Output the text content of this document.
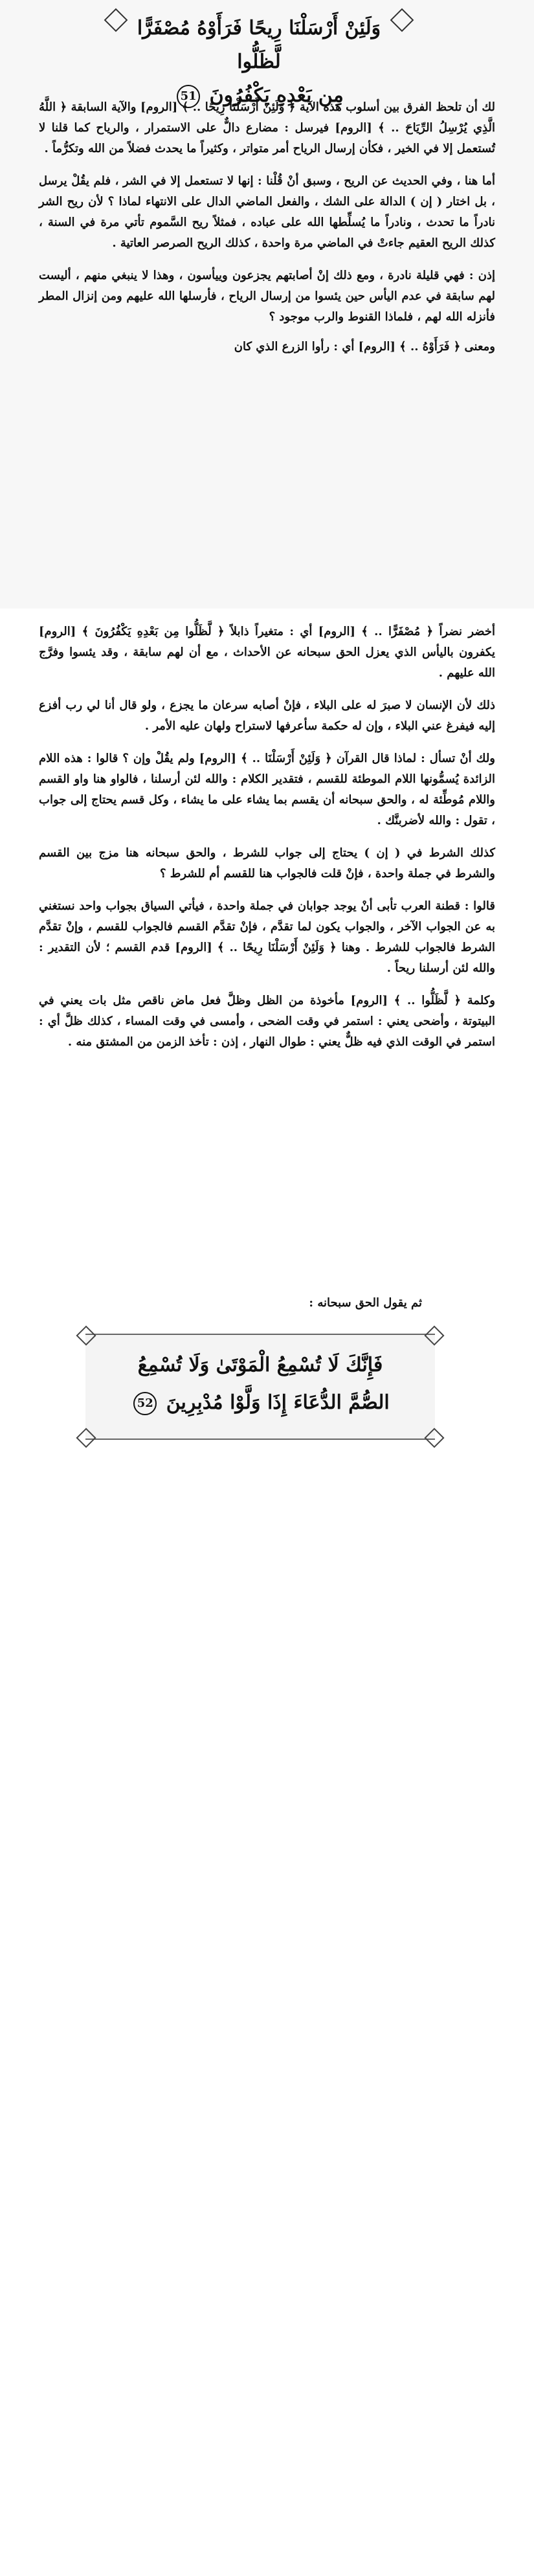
وَلَئِنْ أَرْسَلْنَا رِيحًا فَرَأَوْهُ مُصْفَرًّا لَّظَلُّوا
مِن بَعْدِهِ يَكْفُرُونَ 51

لك أن تلحظ الفرق بين أسلوب هذه الآية ﴿ وَلَئِنْ أَرْسَلْنَا رِيحًا .. ﴾ [الروم] والآية السابقة ﴿ اللَّهُ الَّذِي يُرْسِلُ الرِّيَاحَ .. ﴾ [الروم] فيرسل : مضارع دالٌّ على الاستمرار ، والرياح كما قلنا لا تُستعمل إلا في الخير ، فكأن إرسال الرياح أمر متواتر ، وكثيراً ما يحدث فضلاً من الله وتكرُّماً .

أما هنا ، وفي الحديث عن الريح ، وسبق أنْ قُلْنا : إنها لا تستعمل إلا في الشر ، فلم يقُلْ يرسل ، بل اختار ( إن ) الدالة على الشك ، والفعل الماضي الدال على الانتهاء لماذا ؟ لأن ريح الشر نادراً ما تحدث ، ونادراً ما يُسلِّطها الله على عباده ، فمثلاً ريح السَّموم تأتي مرة في السنة ، كذلك الريح العقيم جاءتْ في الماضي مرة واحدة ، كذلك الريح الصرصر العاتية .

إذن : فهي قليلة نادرة ، ومع ذلك إنْ أصابتهم يجزعون وييأسون ، وهذا لا ينبغي منهم ، أليست لهم سابقة في عدم اليأس حين يئسوا من إرسال الرياح ، فأرسلها الله عليهم ومن إنزال المطر فأنزله الله لهم ، فلماذا القنوط والرب موجود ؟

ومعنى ﴿ فَرَأَوْهُ .. ﴾ [الروم] أي : رأوا الزرع الذي كان

أخضر نضراً ﴿ مُصْفَرًّا .. ﴾ [الروم] أي : متغيراً ذابلاً ﴿ لَّظَلُّوا مِن بَعْدِهِ يَكْفُرُونَ ﴾ [الروم] يكفرون باليأس الذي يعزل الحق سبحانه عن الأحداث ، مع أن لهم سابقة ، وقد يئسوا وفرَّج الله عليهم .

ذلك لأن الإنسان لا صبرَ له على البلاء ، فإنْ أصابه سرعان ما يجزع ، ولو قال أنا لي رب أفزع إليه فيفرغ عني البلاء ، وإن له حكمة سأعرفها لاستراح ولهان عليه الأمر .

ولك أنْ تسأل : لماذا قال القرآن ﴿ وَلَئِنْ أَرْسَلْنَا .. ﴾ [الروم] ولم يقُلْ وإن ؟ قالوا : هذه اللام الزائدة يُسمُّونها اللام الموطئة للقسم ، فتقدير الكلام : والله لئن أرسلنا ، فالواو هنا واو القسم واللام مُوطِّئة له ، والحق سبحانه أن يقسم بما يشاء على ما يشاء ، وكل قسم يحتاج إلى جواب ، تقول : والله لأضربنَّك .

كذلك الشرط في ( إن ) يحتاج إلى جواب للشرط ، والحق سبحانه هنا مزج بين القسم والشرط في جملة واحدة ، فإنْ قلت فالجواب هنا للقسم أم للشرط ؟

قالوا : قطنة العرب تأبى أنْ يوجد جوابان في جملة واحدة ، فيأتي السياق بجواب واحد نستغني به عن الجواب الآخر ، والجواب يكون لما تقدَّم ، فإنْ تقدَّم القسم فالجواب للقسم ، وإنْ تقدَّم الشرط فالجواب للشرط . وهنا ﴿ وَلَئِنْ أَرْسَلْنَا رِيحًا .. ﴾ [الروم] قدم القسم ؛ لأن التقدير : والله لئن أرسلنا ريحاً .

وكلمة ﴿ لَّظَلُّوا .. ﴾ [الروم] مأخوذة من الظل وظلَّ فعل ماض ناقص مثل بات يعني في البيتوتة ، وأضحى يعني : استمر في وقت الضحى ، وأمسى في وقت المساء ، كذلك ظلَّ أي : استمر في الوقت الذي فيه ظلٌّ يعني : طوال النهار ، إذن : تأخذ الزمن من المشتق منه .

ثم يقول الحق سبحانه :
فَإِنَّكَ لَا تُسْمِعُ الْمَوْتَىٰ وَلَا تُسْمِعُ
الصُّمَّ الدُّعَاءَ إِذَا وَلَّوْا مُدْبِرِينَ 52
